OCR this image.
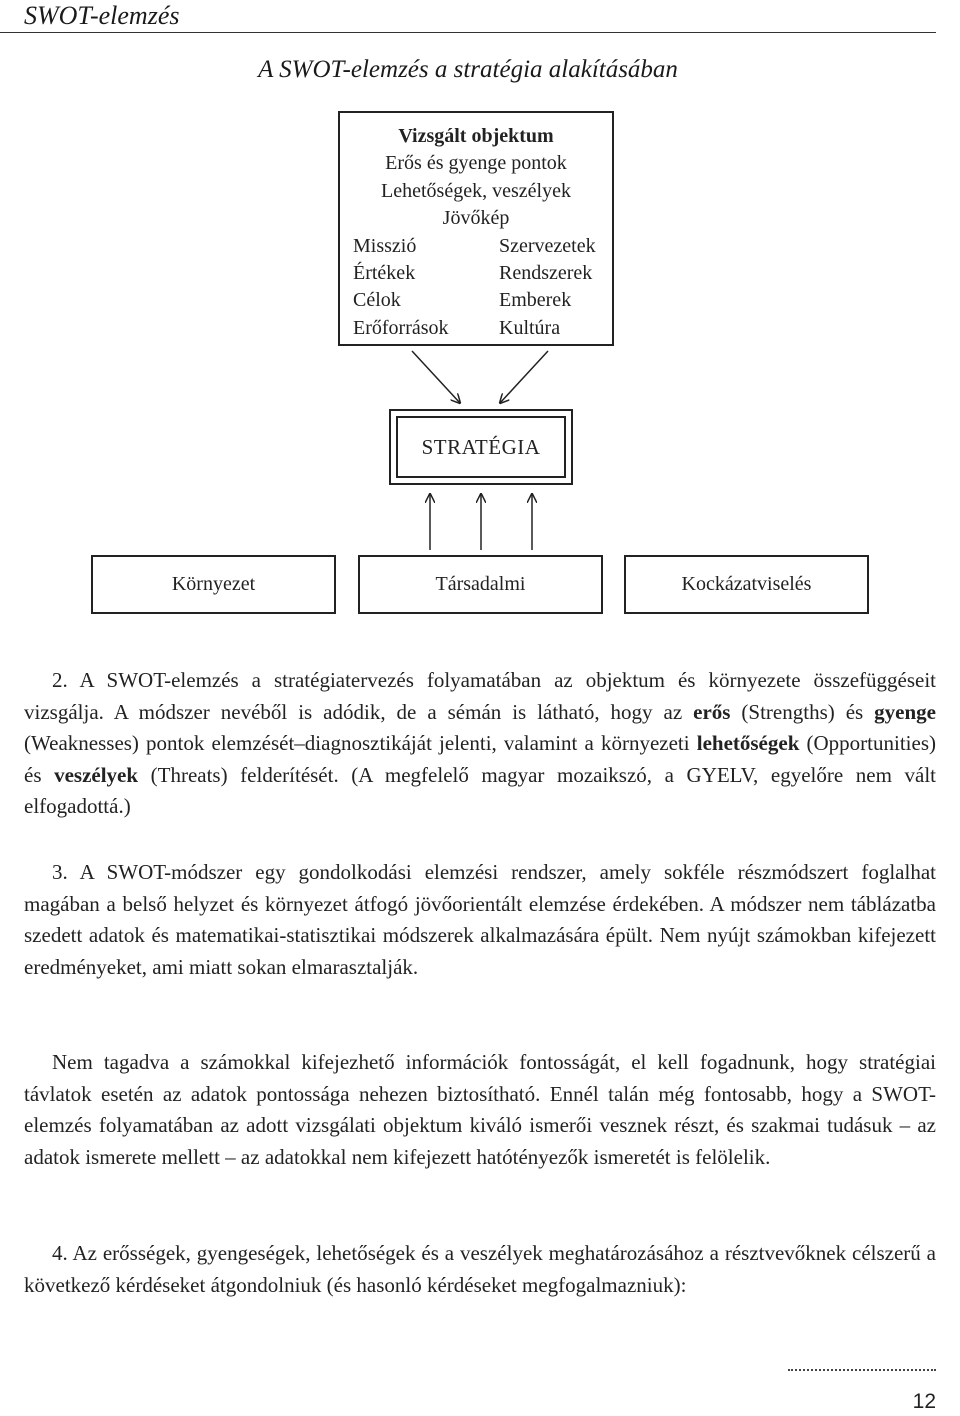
SWOT-elemzés
A SWOT-elemzés a stratégia alakításában
Vizsgált objektum
Erős és gyenge pontok
Lehetőségek, veszélyek
Jövőkép
Misszió	Szervezetek
Értékek	Rendszerek
Célok	Emberek
Erőforrások	Kultúra
STRATÉGIA
Környezet	Társadalmi	Kockázatviselés

2. A SWOT-elemzés a stratégiatervezés folyamatában az objektum és környezete összefüggéseit vizsgálja. A módszer nevéből is adódik, de a sémán is látható, hogy az erős (Strengths) és gyenge (Weaknesses) pontok elemzését–diagnosztikáját jelenti, valamint a környezeti lehetőségek (Opportunities) és veszélyek (Threats) felderítését. (A megfelelő magyar mozaikszó, a GYELV, egyelőre nem vált elfogadottá.)

3. A SWOT-módszer egy gondolkodási elemzési rendszer, amely sokféle részmódszert foglalhat magában a belső helyzet és környezet átfogó jövőorientált elemzése érdekében. A módszer nem táblázatba szedett adatok és matematikai-statisztikai módszerek alkalmazására épült. Nem nyújt számokban kifejezett eredményeket, ami miatt sokan elmarasztalják.

Nem tagadva a számokkal kifejezhető információk fontosságát, el kell fogadnunk, hogy stratégiai távlatok esetén az adatok pontossága nehezen biztosítható. Ennél talán még fontosabb, hogy a SWOT-elemzés folyamatában az adott vizsgálati objektum kiváló ismerői vesznek részt, és szakmai tudásuk – az adatok ismerete mellett – az adatokkal nem kifejezett hatótényezők ismeretét is felölelik.

4. Az erősségek, gyengeségek, lehetőségek és a veszélyek meghatározásához a résztvevőknek célszerű a következő kérdéseket átgondolniuk (és hasonló kérdéseket megfogalmazniuk):

12
